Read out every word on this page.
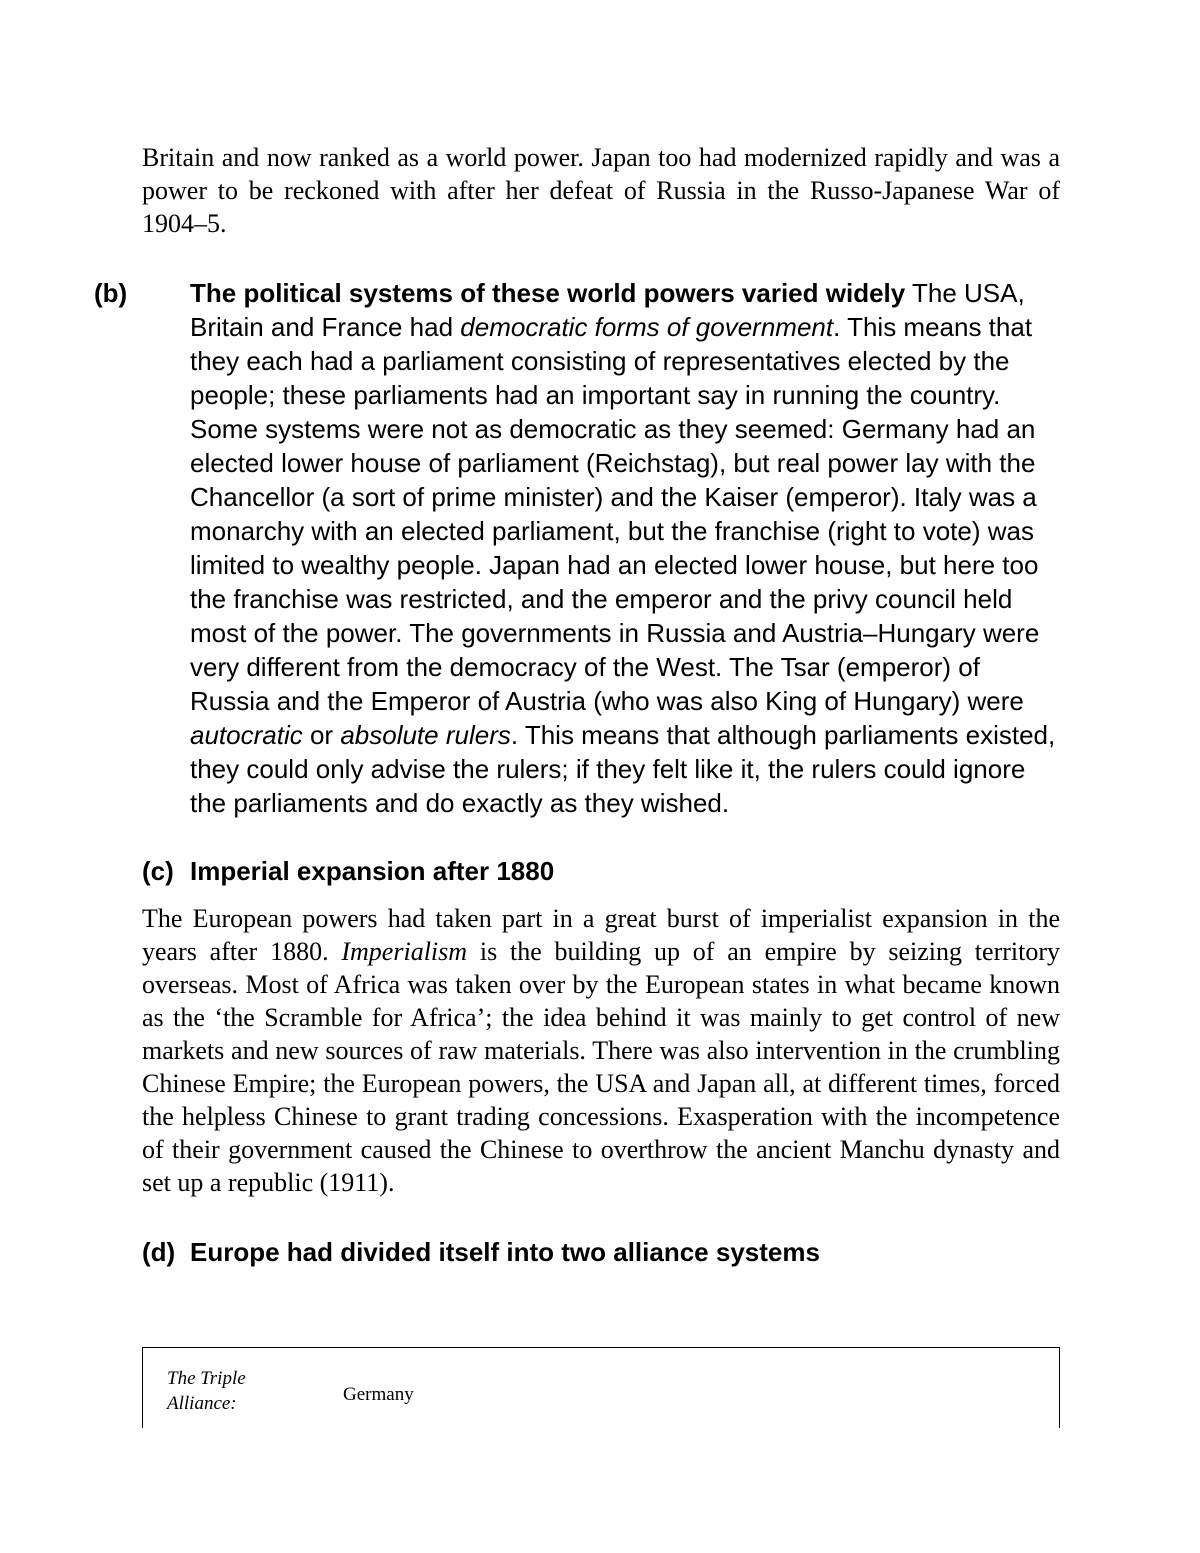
Britain and now ranked as a world power. Japan too had modernized rapidly and was a power to be reckoned with after her defeat of Russia in the Russo-Japanese War of 1904–5.

(b) The political systems of these world powers varied widely The USA, Britain and France had democratic forms of government. This means that they each had a parliament consisting of representatives elected by the people; these parliaments had an important say in running the country. Some systems were not as democratic as they seemed: Germany had an elected lower house of parliament (Reichstag), but real power lay with the Chancellor (a sort of prime minister) and the Kaiser (emperor). Italy was a monarchy with an elected parliament, but the franchise (right to vote) was limited to wealthy people. Japan had an elected lower house, but here too the franchise was restricted, and the emperor and the privy council held most of the power. The governments in Russia and Austria–Hungary were very different from the democracy of the West. The Tsar (emperor) of Russia and the Emperor of Austria (who was also King of Hungary) were autocratic or absolute rulers. This means that although parliaments existed, they could only advise the rulers; if they felt like it, the rulers could ignore the parliaments and do exactly as they wished.

(c) Imperial expansion after 1880

The European powers had taken part in a great burst of imperialist expansion in the years after 1880. Imperialism is the building up of an empire by seizing territory overseas. Most of Africa was taken over by the European states in what became known as the ‘the Scramble for Africa’; the idea behind it was mainly to get control of new markets and new sources of raw materials. There was also intervention in the crumbling Chinese Empire; the European powers, the USA and Japan all, at different times, forced the helpless Chinese to grant trading concessions. Exasperation with the incompetence of their government caused the Chinese to overthrow the ancient Manchu dynasty and set up a republic (1911).

(d) Europe had divided itself into two alliance systems
The Triple Alliance:	Germany
